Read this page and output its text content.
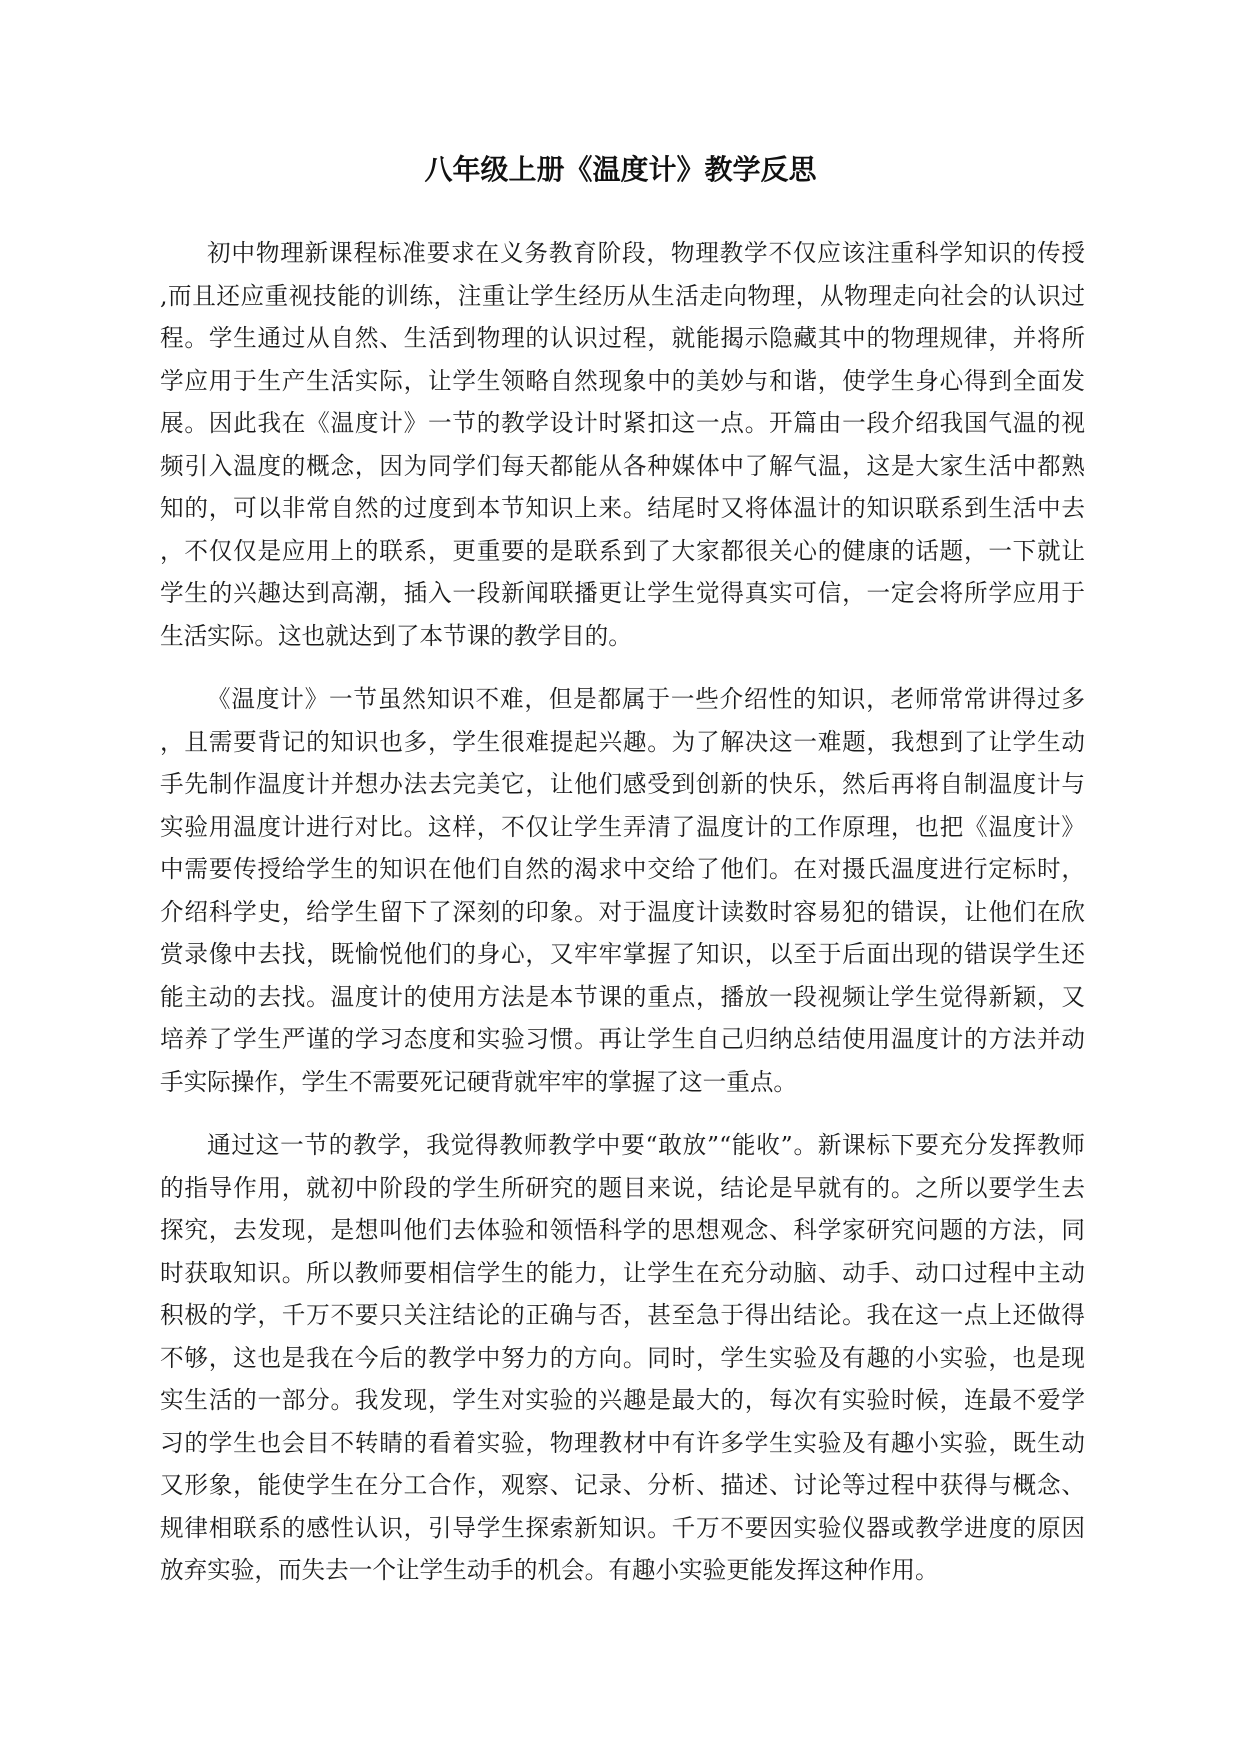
八年级上册《温度计》教学反思

初中物理新课程标准要求在义务教育阶段，物理教学不仅应该注重科学知识的传授
,而且还应重视技能的训练，注重让学生经历从生活走向物理，从物理走向社会的认识过
程。学生通过从自然、生活到物理的认识过程，就能揭示隐藏其中的物理规律，并将所
学应用于生产生活实际，让学生领略自然现象中的美妙与和谐，使学生身心得到全面发
展。因此我在《温度计》一节的教学设计时紧扣这一点。开篇由一段介绍我国气温的视
频引入温度的概念，因为同学们每天都能从各种媒体中了解气温，这是大家生活中都熟
知的，可以非常自然的过度到本节知识上来。结尾时又将体温计的知识联系到生活中去
，不仅仅是应用上的联系，更重要的是联系到了大家都很关心的健康的话题，一下就让
学生的兴趣达到高潮，插入一段新闻联播更让学生觉得真实可信，一定会将所学应用于
生活实际。这也就达到了本节课的教学目的。

《温度计》一节虽然知识不难，但是都属于一些介绍性的知识，老师常常讲得过多
，且需要背记的知识也多，学生很难提起兴趣。为了解决这一难题，我想到了让学生动
手先制作温度计并想办法去完美它，让他们感受到创新的快乐，然后再将自制温度计与
实验用温度计进行对比。这样，不仅让学生弄清了温度计的工作原理，也把《温度计》
中需要传授给学生的知识在他们自然的渴求中交给了他们。在对摄氏温度进行定标时，
介绍科学史，给学生留下了深刻的印象。对于温度计读数时容易犯的错误，让他们在欣
赏录像中去找，既愉悦他们的身心，又牢牢掌握了知识，以至于后面出现的错误学生还
能主动的去找。温度计的使用方法是本节课的重点，播放一段视频让学生觉得新颖，又
培养了学生严谨的学习态度和实验习惯。再让学生自己归纳总结使用温度计的方法并动
手实际操作，学生不需要死记硬背就牢牢的掌握了这一重点。

通过这一节的教学，我觉得教师教学中要“敢放”“能收”。新课标下要充分发挥教师
的指导作用，就初中阶段的学生所研究的题目来说，结论是早就有的。之所以要学生去
探究，去发现，是想叫他们去体验和领悟科学的思想观念、科学家研究问题的方法，同
时获取知识。所以教师要相信学生的能力，让学生在充分动脑、动手、动口过程中主动
积极的学，千万不要只关注结论的正确与否，甚至急于得出结论。我在这一点上还做得
不够，这也是我在今后的教学中努力的方向。同时，学生实验及有趣的小实验，也是现
实生活的一部分。我发现，学生对实验的兴趣是最大的，每次有实验时候，连最不爱学
习的学生也会目不转睛的看着实验，物理教材中有许多学生实验及有趣小实验，既生动
又形象，能使学生在分工合作，观察、记录、分析、描述、讨论等过程中获得与概念、
规律相联系的感性认识，引导学生探索新知识。千万不要因实验仪器或教学进度的原因
放弃实验，而失去一个让学生动手的机会。有趣小实验更能发挥这种作用。
